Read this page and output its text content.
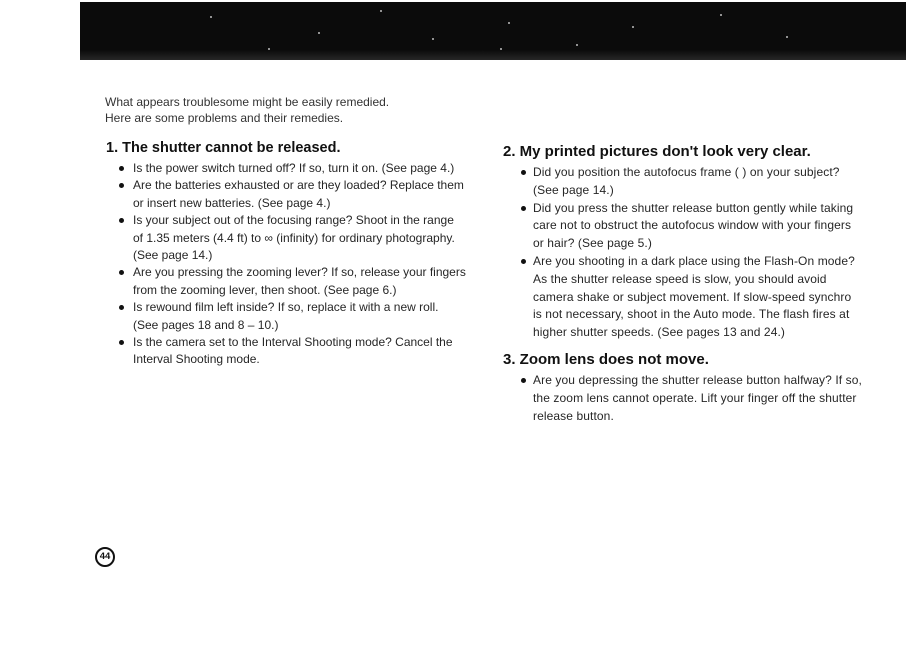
What appears troublesome might be easily remedied.

Here are some problems and their remedies.

1. The shutter cannot be released.
Is the power switch turned off? If so, turn it on. (See page 4.)
Are the batteries exhausted or are they loaded? Replace them or insert new batteries. (See page 4.)
Is your subject out of the focusing range? Shoot in the range of 1.35 meters (4.4 ft) to ∞ (infinity) for ordinary photography. (See page 14.)
Are you pressing the zooming lever? If so, release your fingers from the zooming lever, then shoot. (See page 6.)
Is rewound film left inside? If so, replace it with a new roll. (See pages 18 and 8 – 10.)
Is the camera set to the Interval Shooting mode? Cancel the Interval Shooting mode.
2. My printed pictures don't look very clear.
Did you position the autofocus frame ( ) on your subject? (See page 14.)
Did you press the shutter release button gently while taking care not to obstruct the autofocus window with your fingers or hair? (See page 5.)
Are you shooting in a dark place using the Flash-On mode? As the shutter release speed is slow, you should avoid camera shake or subject movement. If slow-speed synchro is not necessary, shoot in the Auto mode. The flash fires at higher shutter speeds. (See pages 13 and 24.)
3. Zoom lens does not move.
Are you depressing the shutter release button halfway? If so, the zoom lens cannot operate. Lift your finger off the shutter release button.
44
